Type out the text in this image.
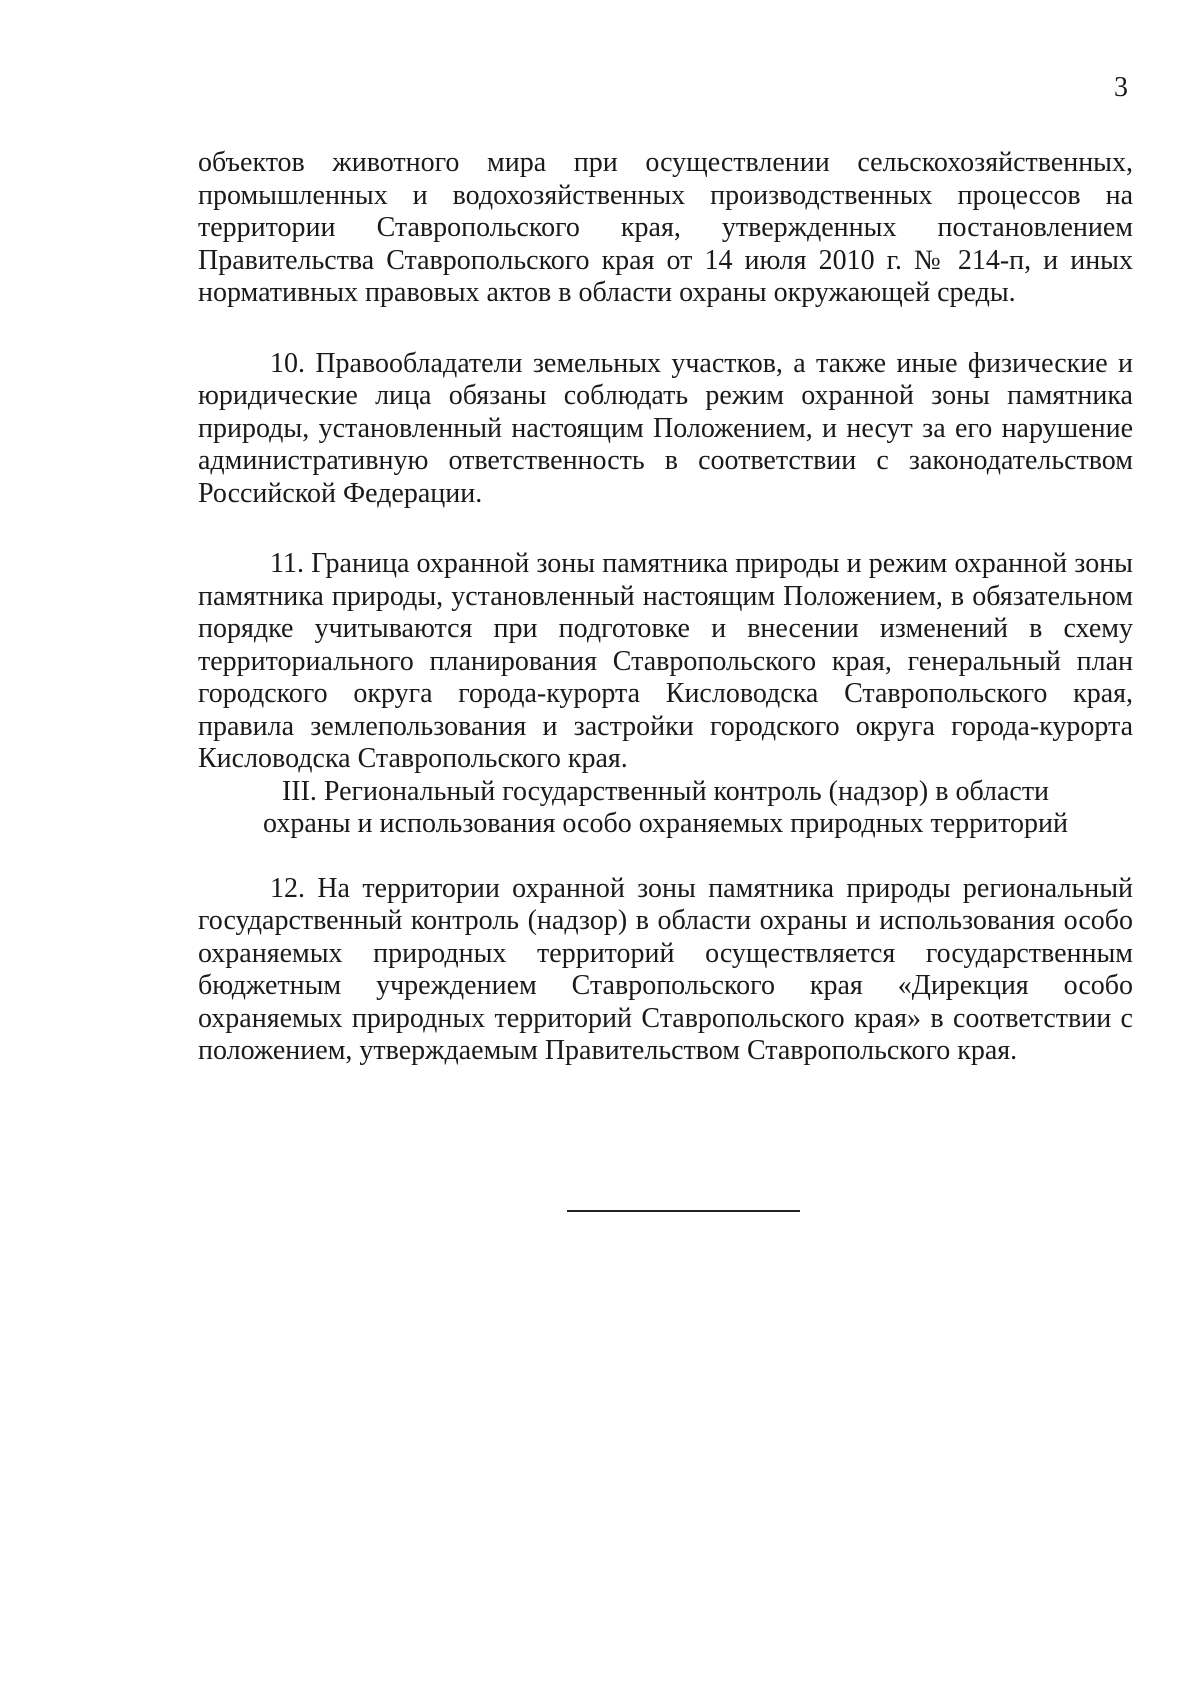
3

объектов животного мира при осуществлении сельскохозяйственных, промышленных и водохозяйственных производственных процессов на территории Ставропольского края, утвержденных постановлением Правительства Ставропольского края от 14 июля 2010 г. № 214-п, и иных нормативных правовых актов в области охраны окружающей среды.

10. Правообладатели земельных участков, а также иные физические и юридические лица обязаны соблюдать режим охранной зоны памятника природы, установленный настоящим Положением, и несут за его нарушение административную ответственность в соответствии с законодательством Российской Федерации.

11. Граница охранной зоны памятника природы и режим охранной зоны памятника природы, установленный настоящим Положением, в обязательном порядке учитываются при подготовке и внесении изменений в схему территориального планирования Ставропольского края, генеральный план городского округа города-курорта Кисловодска Ставропольского края, правила землепользования и застройки городского округа города-курорта Кисловодска Ставропольского края.

III. Региональный государственный контроль (надзор) в области
охраны и использования особо охраняемых природных территорий

12. На территории охранной зоны памятника природы региональный государственный контроль (надзор) в области охраны и использования особо охраняемых природных территорий осуществляется государственным бюджетным учреждением Ставропольского края «Дирекция особо охраняемых природных территорий Ставропольского края» в соответствии с положением, утверждаемым Правительством Ставропольского края.
